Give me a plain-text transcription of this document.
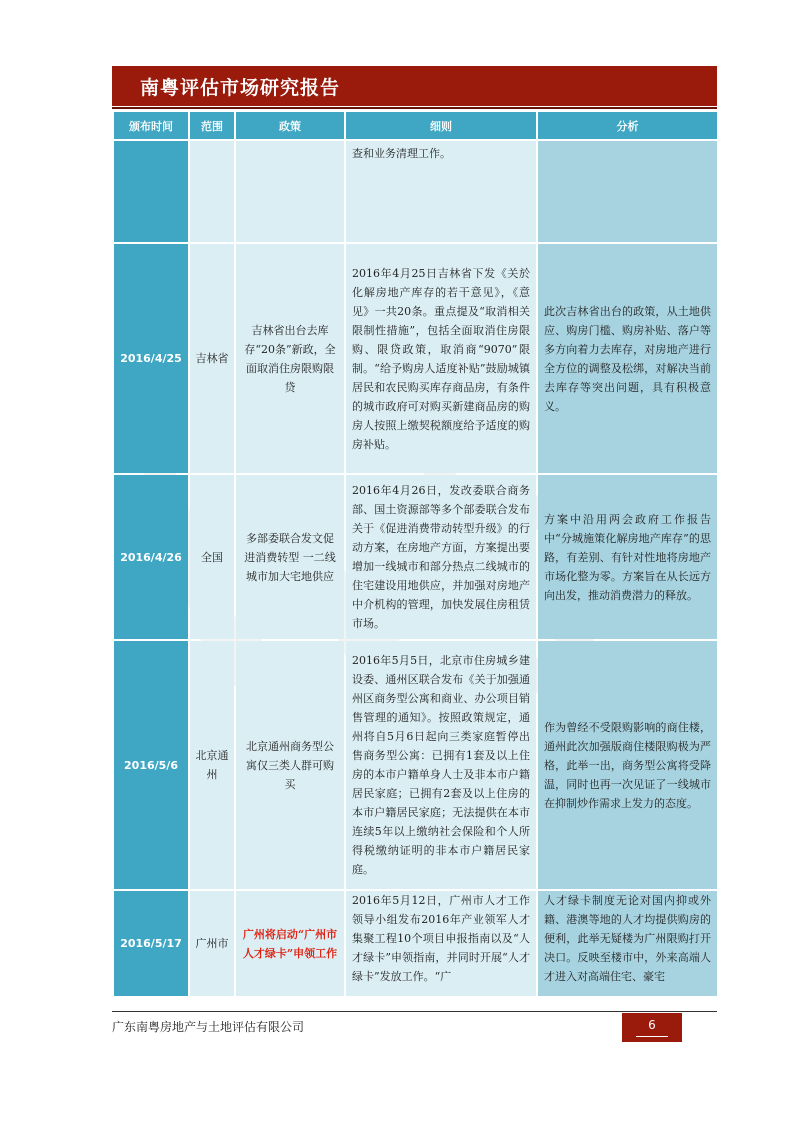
南粤评估市场研究报告
颁布时间	范围	政策	细则	分析
			查和业务清理工作。	
2016/4/25	吉林省	吉林省出台去库存“20条”新政，全面取消住房限购限贷	2016年4月25日吉林省下发《关於化解房地产库存的若干意见》，《意见》一共20条。重点提及“取消相关限制性措施”，包括全面取消住房限购、限贷政策，取消商“9070”限制。“给予购房人适度补贴”鼓励城镇居民和农民购买库存商品房，有条件的城市政府可对购买新建商品房的购房人按照上缴契税额度给予适度的购房补贴。	此次吉林省出台的政策，从土地供应、购房门槛、购房补贴、落户等多方向着力去库存，对房地产进行全方位的调整及松绑，对解决当前去库存等突出问题，具有积极意义。
2016/4/26	全国	多部委联合发文促进消费转型 一二线城市加大宅地供应	2016年4月26日，发改委联合商务部、国土资源部等多个部委联合发布关于《促进消费带动转型升级》的行动方案，在房地产方面，方案提出要增加一线城市和部分热点二线城市的住宅建设用地供应，并加强对房地产中介机构的管理，加快发展住房租赁市场。	方案中沿用两会政府工作报告中“分城施策化解房地产库存”的思路，有差别、有针对性地将房地产市场化整为零。方案旨在从长远方向出发，推动消费潜力的释放。
2016/5/6	北京通州	北京通州商务型公寓仅三类人群可购买	2016年5月5日，北京市住房城乡建设委、通州区联合发布《关于加强通州区商务型公寓和商业、办公项目销售管理的通知》。按照政策规定，通州将自5月6日起向三类家庭暂停出售商务型公寓：已拥有1套及以上住房的本市户籍单身人士及非本市户籍居民家庭；已拥有2套及以上住房的本市户籍居民家庭；无法提供在本市连续5年以上缴纳社会保险和个人所得税缴纳证明的非本市户籍居民家庭。	作为曾经不受限购影响的商住楼，通州此次加强版商住楼限购极为严格，此举一出，商务型公寓将受降温，同时也再一次见证了一线城市在抑制炒作需求上发力的态度。
2016/5/17	广州市	广州将启动“广州市人才绿卡”申领工作	2016年5月12日，广州市人才工作领导小组发布2016年产业领军人才集聚工程10个项目申报指南以及“人才绿卡”申领指南，并同时开展“人才绿卡”发放工作。“广	人才绿卡制度无论对国内抑或外籍、港澳等地的人才均提供购房的便利，此举无疑楼为广州限购打开决口。反映至楼市中，外来高端人才进入对高端住宅、豪宅
广东南粤房地产与土地评估有限公司	6
